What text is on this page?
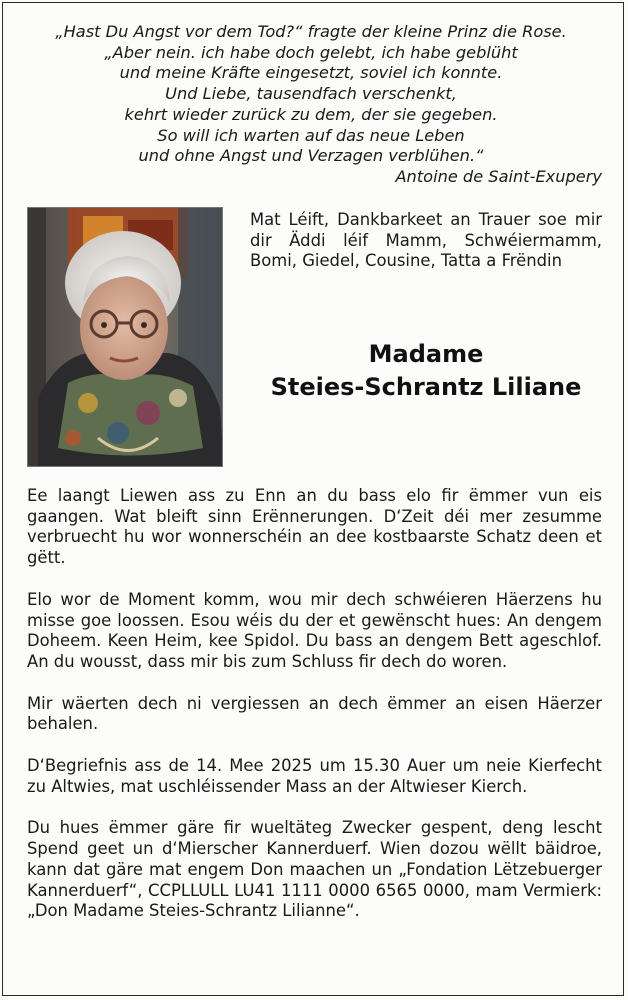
„Hast Du Angst vor dem Tod?“ fragte der kleine Prinz die Rose.
„Aber nein. ich habe doch gelebt, ich habe geblüht
und meine Kräfte eingesetzt, soviel ich konnte.
Und Liebe, tausendfach verschenkt,
kehrt wieder zurück zu dem, der sie gegeben.
So will ich warten auf das neue Leben
und ohne Angst und Verzagen verblühen.“
Antoine de Saint-Exupery
Mat Léift, Dankbarkeet an Trauer soe mir dir Äddi léif Mamm, Schwéiermamm, Bomi, Giedel, Cousine, Tatta a Frëndin
Madame
Steies-Schrantz Liliane

Ee laangt Liewen ass zu Enn an du bass elo fir ëmmer vun eis gaangen. Wat bleift sinn Erënnerungen. D‘Zeit déi mer zesumme verbruecht hu wor wonnerschéin an dee kostbaarste Schatz deen et gëtt.

Elo wor de Moment komm, wou mir dech schwéieren Häerzens hu misse goe loossen. Esou wéis du der et gewënscht hues: An dengem Doheem. Keen Heim, kee Spidol. Du bass an dengem Bett ageschlof. An du wousst, dass mir bis zum Schluss fir dech do woren.

Mir wäerten dech ni vergiessen an dech ëmmer an eisen Häerzer behalen.

D‘Begriefnis ass de 14. Mee 2025 um 15.30 Auer um neie Kierfecht zu Altwies, mat uschléissender Mass an der Altwieser Kierch.

Du hues ëmmer gäre fir wueltäteg Zwecker gespent, deng lescht Spend geet un d‘Mierscher Kannerduerf. Wien dozou wëllt bäidroe, kann dat gäre mat engem Don maachen un „Fondation Lëtzebuerger Kannerduerf“, CCPLLULL LU41 1111 0000 6565 0000, mam Vermierk: „Don Madame Steies-Schrantz Lilianne“.
